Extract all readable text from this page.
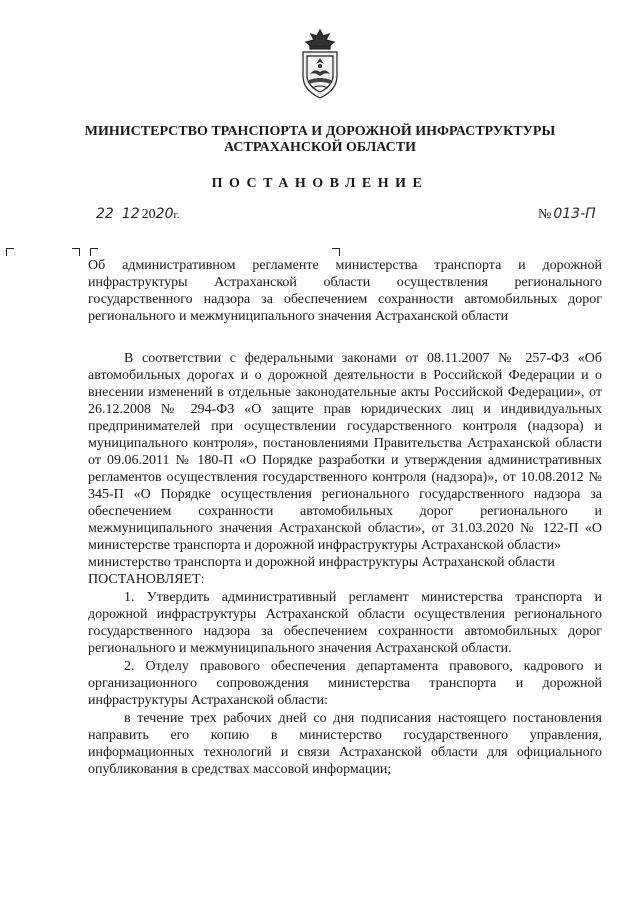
МИНИСТЕРСТВО ТРАНСПОРТА И ДОРОЖНОЙ ИНФРАСТРУКТУРЫ
АСТРАХАНСКОЙ ОБЛАСТИ
ПОСТАНОВЛЕНИЕ
22 12 2020г.	№ 013-П

Об административном регламенте министерства транспорта и дорожной инфраструктуры Астраханской области осуществления регионального государственного надзора за обеспечением сохранности автомобильных дорог регионального и межмуниципального значения Астраханской области

В соответствии с федеральными законами от 08.11.2007 № 257-ФЗ «Об автомобильных дорогах и о дорожной деятельности в Российской Федерации и о внесении изменений в отдельные законодательные акты Российской Федерации», от 26.12.2008 № 294-ФЗ «О защите прав юридических лиц и индивидуальных предпринимателей при осуществлении государственного контроля (надзора) и муниципального контроля», постановлениями Правительства Астраханской области от 09.06.2011 № 180-П «О Порядке разработки и утверждения административных регламентов осуществления государственного контроля (надзора)», от 10.08.2012 № 345-П «О Порядке осуществления регионального государственного надзора за обеспечением сохранности автомобильных дорог регионального и межмуниципального значения Астраханской области», от 31.03.2020 № 122-П «О министерстве транспорта и дорожной инфраструктуры Астраханской области»

министерство транспорта и дорожной инфраструктуры Астраханской области

ПОСТАНОВЛЯЕТ:

1. Утвердить административный регламент министерства транспорта и дорожной инфраструктуры Астраханской области осуществления регионального государственного надзора за обеспечением сохранности автомобильных дорог регионального и межмуниципального значения Астраханской области.

2. Отделу правового обеспечения департамента правового, кадрового и организационного сопровождения министерства транспорта и дорожной инфраструктуры Астраханской области:

в течение трех рабочих дней со дня подписания настоящего постановления направить его копию в министерство государственного управления, информационных технологий и связи Астраханской области для официального опубликования в средствах массовой информации;
